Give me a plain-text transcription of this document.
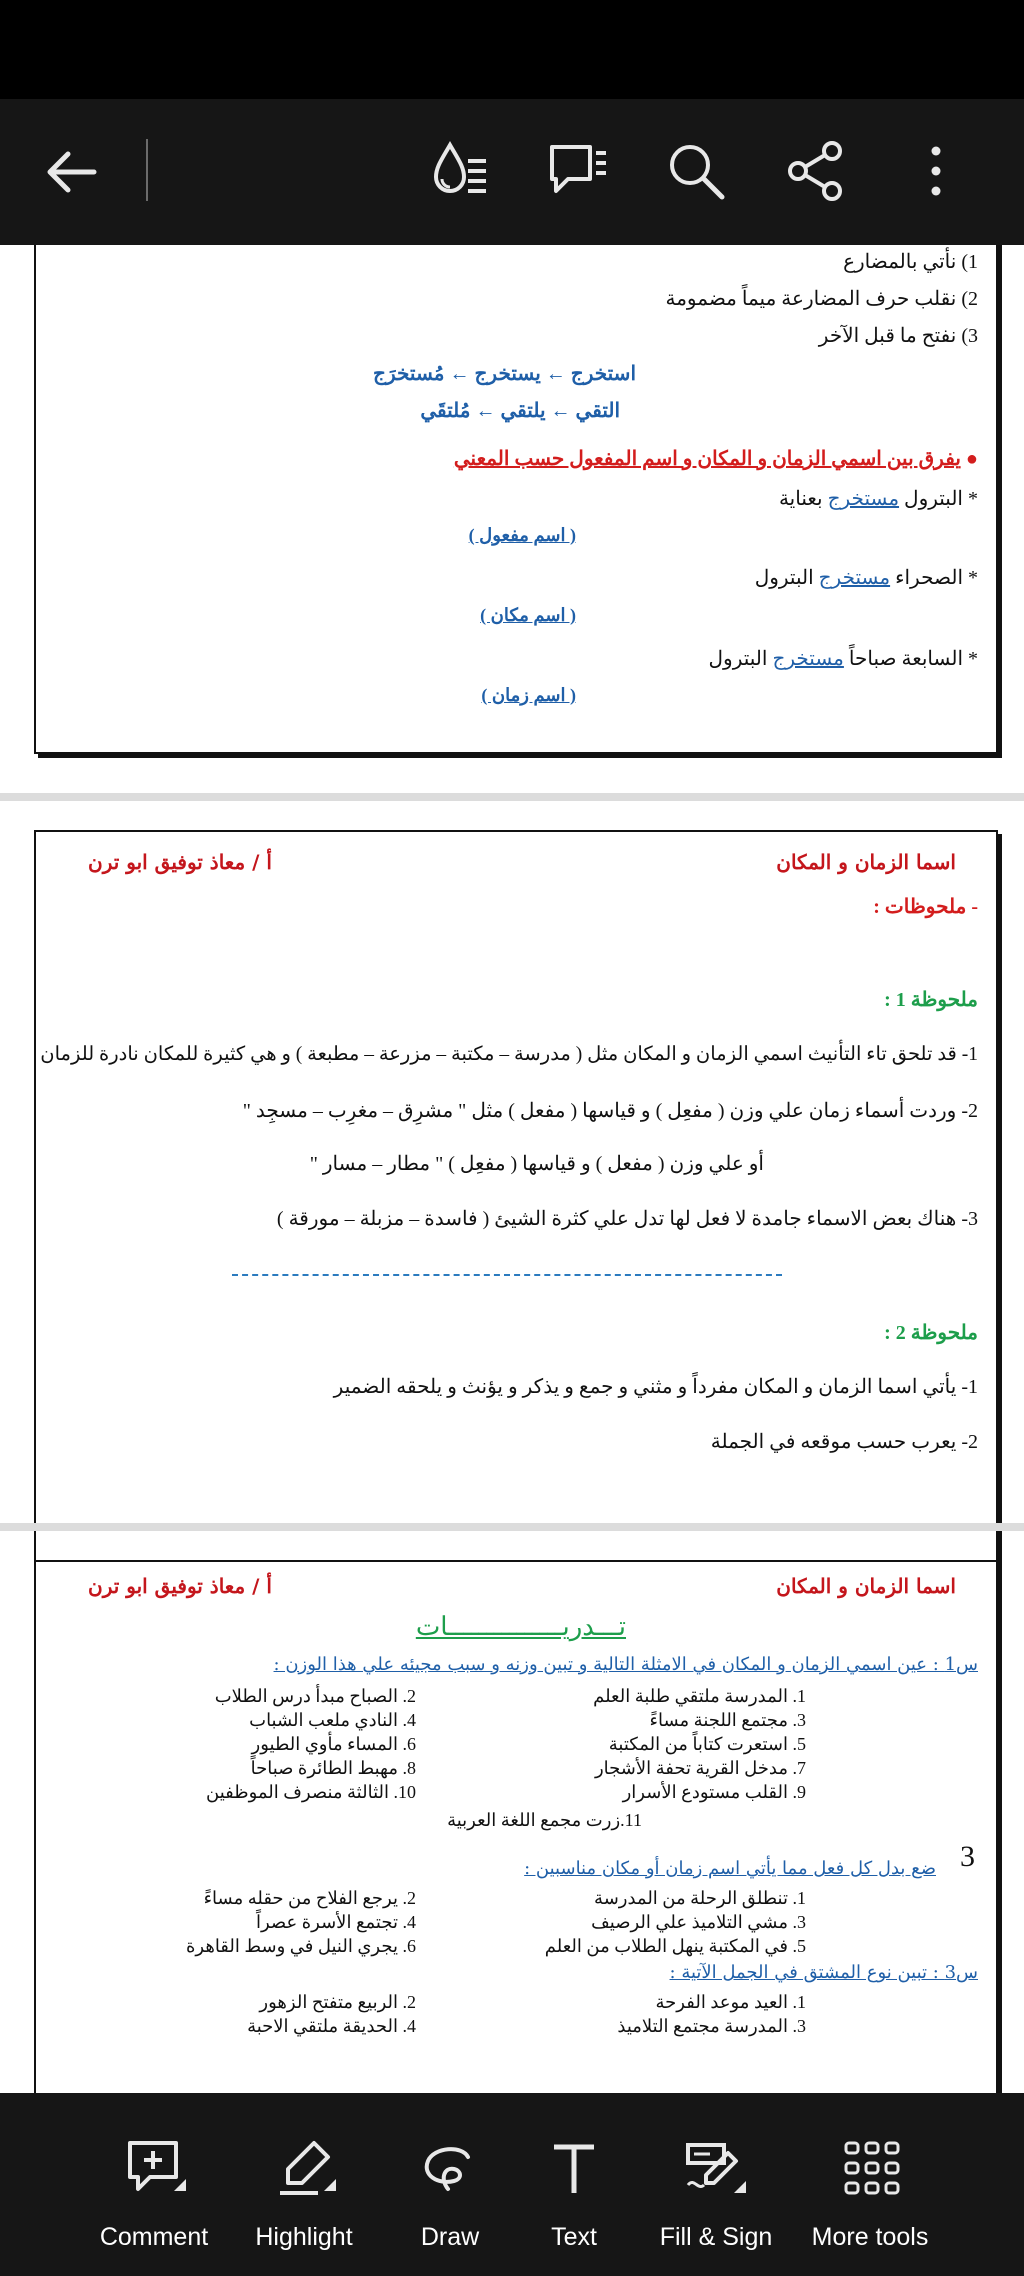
1) نأتي بالمضارع
2) نقلب حرف المضارعة ميماً مضمومة
3) نفتح ما قبل الآخر
استخرج ← يستخرج ← مُستخرَج
التقي ← يلتقي ← مُلتقَي
● يفرق بين اسمي الزمان و المكان و اسم المفعول حسب المعني
* البترول مستخرج بعناية
( اسم مفعول )
* الصحراء مستخرج البترول
( اسم مكان )
* السابعة صباحاً مستخرج البترول
( اسم زمان )
اسما الزمان و المكان
أ / معاذ توفيق ابو ترن
- ملحوظات :
ملحوظة 1 :
1- قد تلحق تاء التأنيث اسمي الزمان و المكان مثل ( مدرسة – مكتبة – مزرعة – مطبعة ) و هي كثيرة للمكان نادرة للزمان
2- وردت أسماء زمان علي وزن ( مفعِل ) و قياسها ( مفعل ) مثل " مشرِق – مغرِب – مسجِد "
أو علي وزن ( مفعل ) و قياسها ( مفعِل ) " مطار – مسار "
3- هناك بعض الاسماء جامدة لا فعل لها تدل علي كثرة الشيئ ( فاسدة – مزبلة – مورقة )
ملحوظة 2 :
1- يأتي اسما الزمان و المكان مفرداً و مثني و جمع و يذكر و يؤنث و يلحقه الضمير
2- يعرب حسب موقعه في الجملة
اسما الزمان و المكان
أ / معاذ توفيق ابو ترن
تـــدريـــــــــــــــات
س1 : عين اسمي الزمان و المكان في الامثلة التالية و تبين وزنه و سبب مجيئه علي هذا الوزن :
1. المدرسة ملتقي طلبة العلم
2. الصباح مبدأ درس الطلاب
3. مجتمع اللجنة مساءً
4. النادي ملعب الشباب
5. استعرت كتاباً من المكتبة
6. المساء مأوي الطيور
7. مدخل القرية تحفة الأشجار
8. مهبط الطائرة صباحاً
9. القلب مستودع الأسرار
10. الثالثة منصرف الموظفين
11.زرت مجمع اللغة العربية
ضع بدل كل فعل مما يأتي اسم زمان أو مكان مناسبين :
1. تنطلق الرحلة من المدرسة
2. يرجع الفلاح من حقله مساءً
3. مشي التلاميذ علي الرصيف
4. تجتمع الأسرة عصراً
5. في المكتبة ينهل الطلاب من العلم
6. يجري النيل في وسط القاهرة
س3 : تبين نوع المشتق في الجمل الآتية :
1. العيد موعد الفرحة
2. الربيع متفتح الزهور
3. المدرسة مجتمع التلاميذ
4. الحديقة ملتقي الاحبة
3
Comment	Highlight	Draw	Text	Fill & Sign	More tools
